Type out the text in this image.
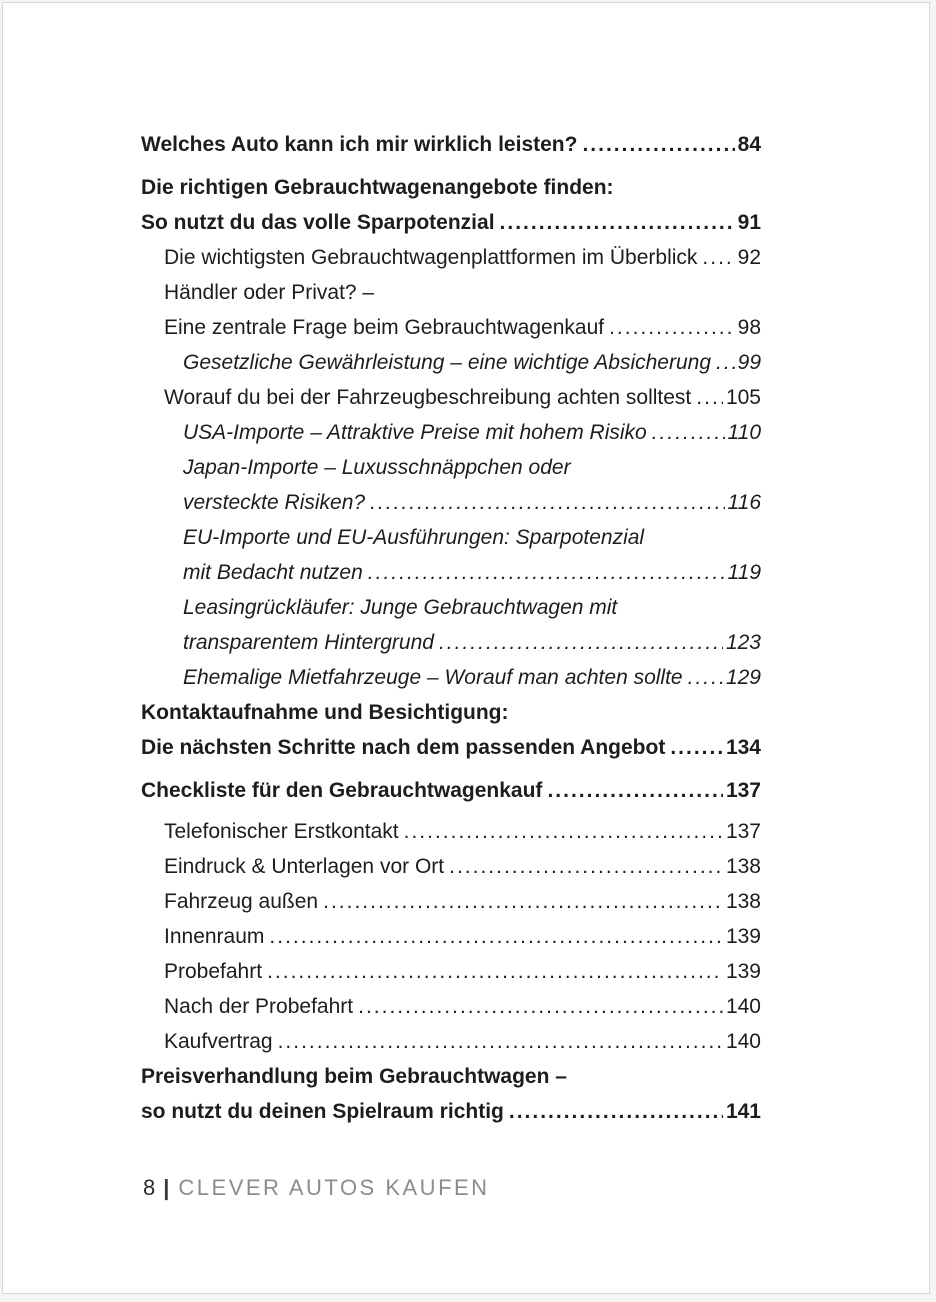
Welches Auto kann ich mir wirklich leisten? .....	84
Die richtigen Gebrauchtwagenangebote finden:
So nutzt du das volle Sparpotenzial .....	91
Die wichtigsten Gebrauchtwagenplattformen im Überblick ..... 92
Händler oder Privat? –
Eine zentrale Frage beim Gebrauchtwagenkauf .....	98
Gesetzliche Gewährleistung – eine wichtige Absicherung ..... 99
Worauf du bei der Fahrzeugbeschreibung achten solltest ..... 105
USA-Importe – Attraktive Preise mit hohem Risiko .....	110
Japan-Importe – Luxusschnäppchen oder
versteckte Risiken? .....	116
EU-Importe und EU-Ausführungen: Sparpotenzial
mit Bedacht nutzen .....	119
Leasingrückläufer: Junge Gebrauchtwagen mit
transparentem Hintergrund .....	123
Ehemalige Mietfahrzeuge – Worauf man achten sollte ..... 129
Kontaktaufnahme und Besichtigung:
Die nächsten Schritte nach dem passenden Angebot .....	134
Checkliste für den Gebrauchtwagenkauf .....	137
Telefonischer Erstkontakt .....	137
Eindruck & Unterlagen vor Ort .....	138
Fahrzeug außen .....	138
Innenraum .....	139
Probefahrt .....	139
Nach der Probefahrt .....	140
Kaufvertrag .....	140
Preisverhandlung beim Gebrauchtwagen –
so nutzt du deinen Spielraum richtig .....	141
8 | CLEVER AUTOS KAUFEN
